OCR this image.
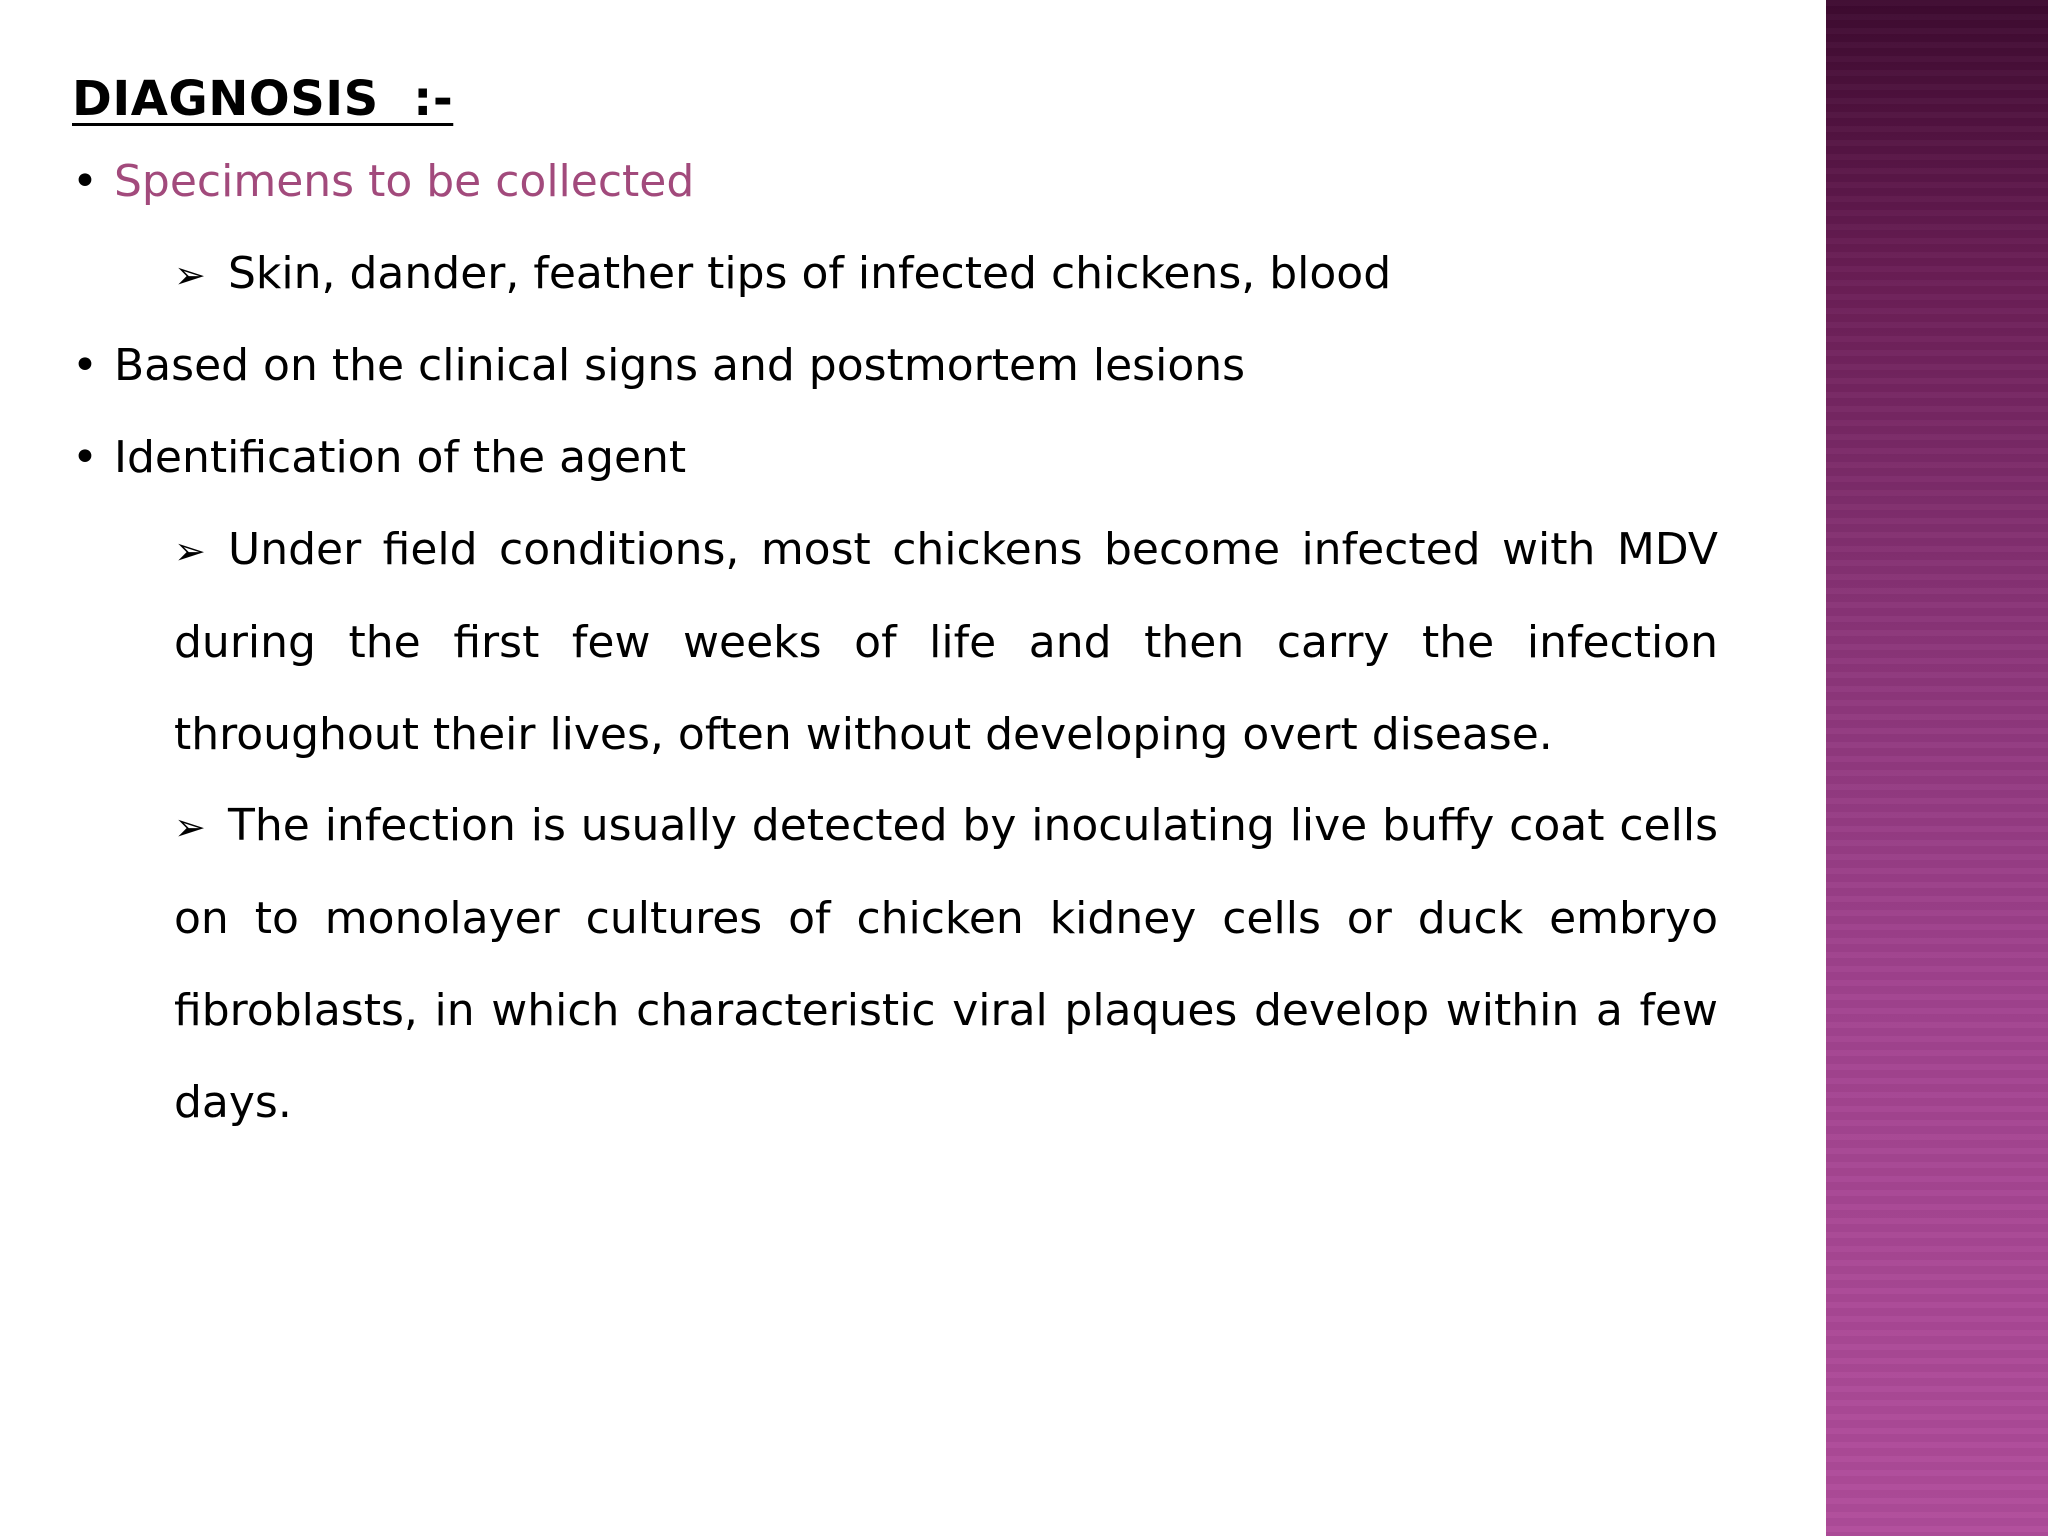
DIAGNOSIS  :-
• Specimens to be collected
➢ Skin, dander, feather tips of infected chickens, blood
• Based on the clinical signs and postmortem lesions
• Identification of the agent
➢ Under field conditions, most chickens become infected with MDV during the first few weeks of life and then carry the infection throughout their lives, often without developing overt disease.
➢ The infection is usually detected by inoculating live buffy coat cells on to monolayer cultures of chicken kidney cells or duck embryo fibroblasts, in which characteristic viral plaques develop within a few days.
